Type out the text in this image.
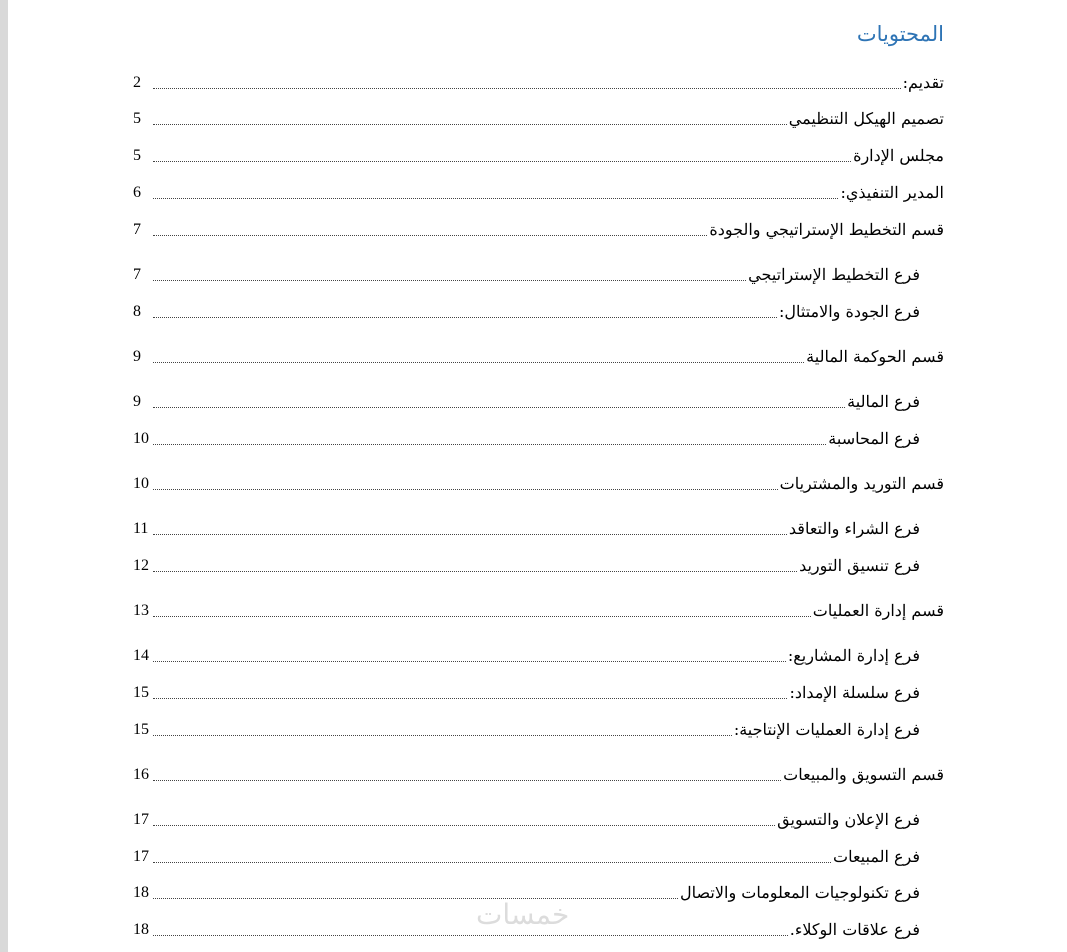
المحتويات
تقديم:
2
تصميم الهيكل التنظيمي
5
مجلس الإدارة
5
المدير التنفيذي:
6
قسم التخطيط الإستراتيجي والجودة
7
فرع التخطيط الإستراتيجي
7
فرع الجودة والامتثال:
8
قسم الحوكمة المالية
9
فرع المالية
9
فرع المحاسبة
10
قسم التوريد والمشتريات
10
فرع الشراء والتعاقد
11
فرع تنسيق التوريد
12
قسم إدارة العمليات
13
فرع إدارة المشاريع:
14
فرع سلسلة الإمداد:
15
فرع إدارة العمليات الإنتاجية:
15
قسم التسويق والمبيعات
16
فرع الإعلان والتسويق
17
فرع المبيعات
17
فرع تكنولوجيات المعلومات والاتصال
18
فرع علاقات الوكلاء.
18	خمسات
